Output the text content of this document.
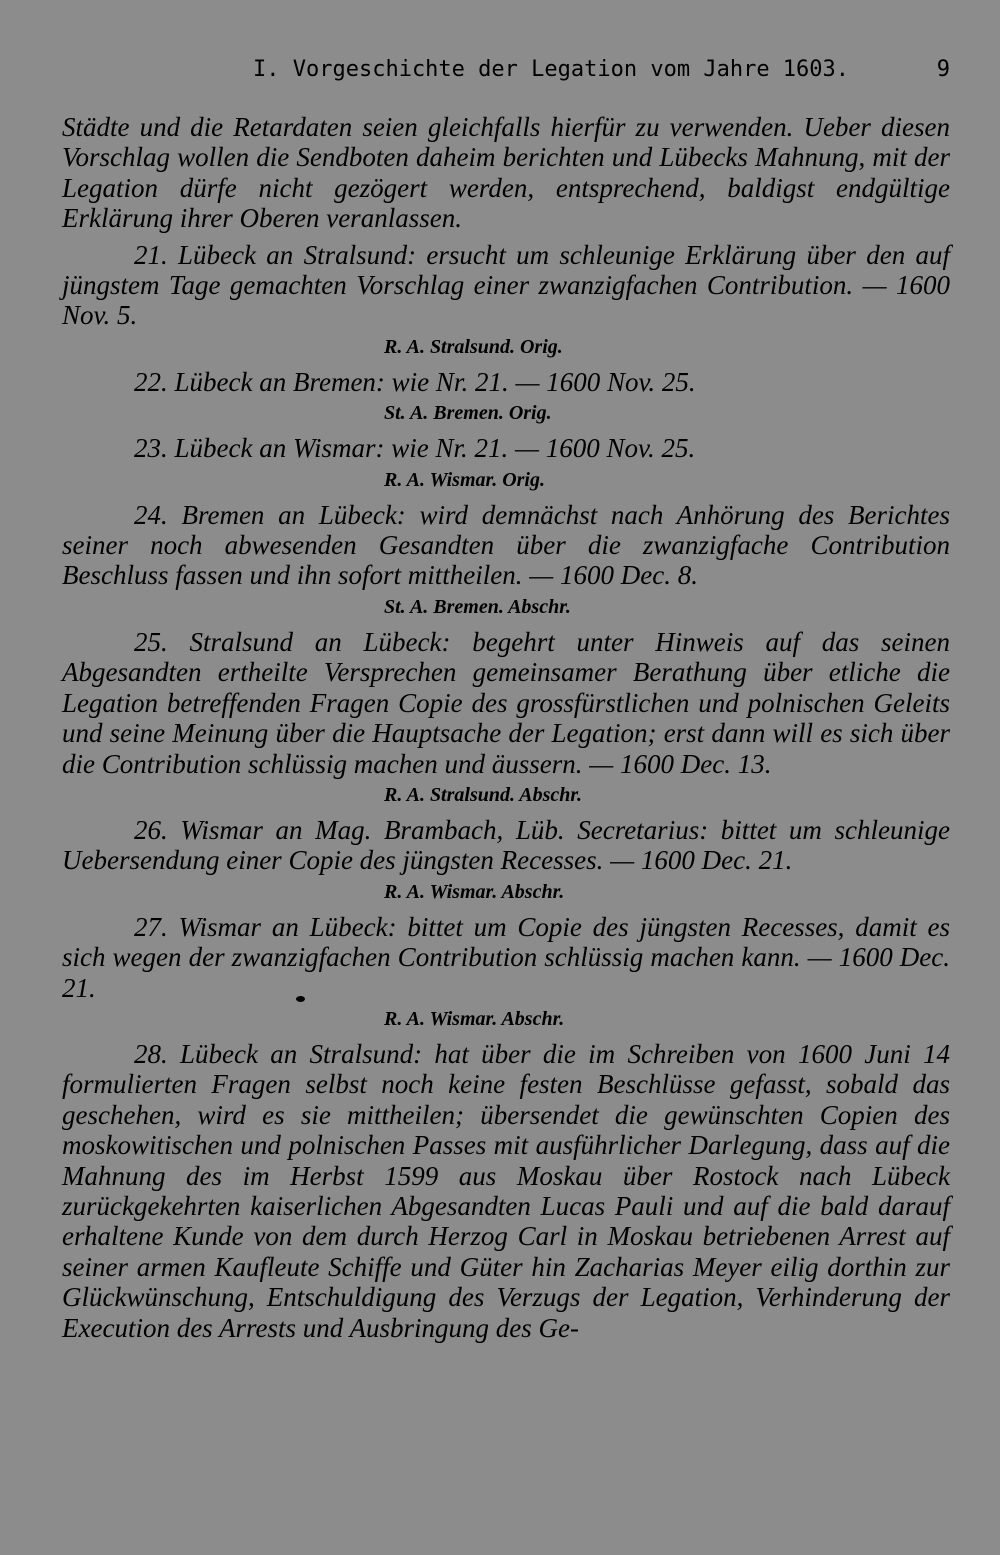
I. Vorgeschichte der Legation vom Jahre 1603.	9

Städte und die Retardaten seien gleichfalls hierfür zu verwenden. Ueber diesen Vorschlag wollen die Sendboten daheim berichten und Lübecks Mahnung, mit der Legation dürfe nicht gezögert werden, entsprechend, baldigst endgültige Erklärung ihrer Oberen veranlassen.

21. Lübeck an Stralsund: ersucht um schleunige Erklärung über den auf jüngstem Tage gemachten Vorschlag einer zwanzigfachen Contribution. — 1600 Nov. 5.

R. A. Stralsund. Orig.

22. Lübeck an Bremen: wie Nr. 21. — 1600 Nov. 25.

St. A. Bremen. Orig.

23. Lübeck an Wismar: wie Nr. 21. — 1600 Nov. 25.

R. A. Wismar. Orig.

24. Bremen an Lübeck: wird demnächst nach Anhörung des Berichtes seiner noch abwesenden Gesandten über die zwanzigfache Contribution Beschluss fassen und ihn sofort mittheilen. — 1600 Dec. 8.

St. A. Bremen. Abschr.

25. Stralsund an Lübeck: begehrt unter Hinweis auf das seinen Abgesandten ertheilte Versprechen gemeinsamer Berathung über etliche die Legation betreffenden Fragen Copie des grossfürstlichen und polnischen Geleits und seine Meinung über die Hauptsache der Legation; erst dann will es sich über die Contribution schlüssig machen und äussern. — 1600 Dec. 13.

R. A. Stralsund. Abschr.

26. Wismar an Mag. Brambach, Lüb. Secretarius: bittet um schleunige Uebersendung einer Copie des jüngsten Recesses. — 1600 Dec. 21.

R. A. Wismar. Abschr.

27. Wismar an Lübeck: bittet um Copie des jüngsten Recesses, damit es sich wegen der zwanzigfachen Contribution schlüssig machen kann. — 1600 Dec. 21.

R. A. Wismar. Abschr.

28. Lübeck an Stralsund: hat über die im Schreiben von 1600 Juni 14 formulierten Fragen selbst noch keine festen Beschlüsse gefasst, sobald das geschehen, wird es sie mittheilen; übersendet die gewünschten Copien des moskowitischen und polnischen Passes mit ausführlicher Darlegung, dass auf die Mahnung des im Herbst 1599 aus Moskau über Rostock nach Lübeck zurückgekehrten kaiserlichen Abgesandten Lucas Pauli und auf die bald darauf erhaltene Kunde von dem durch Herzog Carl in Moskau betriebenen Arrest auf seiner armen Kaufleute Schiffe und Güter hin Zacharias Meyer eilig dorthin zur Glückwünschung, Entschuldigung des Verzugs der Legation, Verhinderung der Execution des Arrests und Ausbringung des Ge-
